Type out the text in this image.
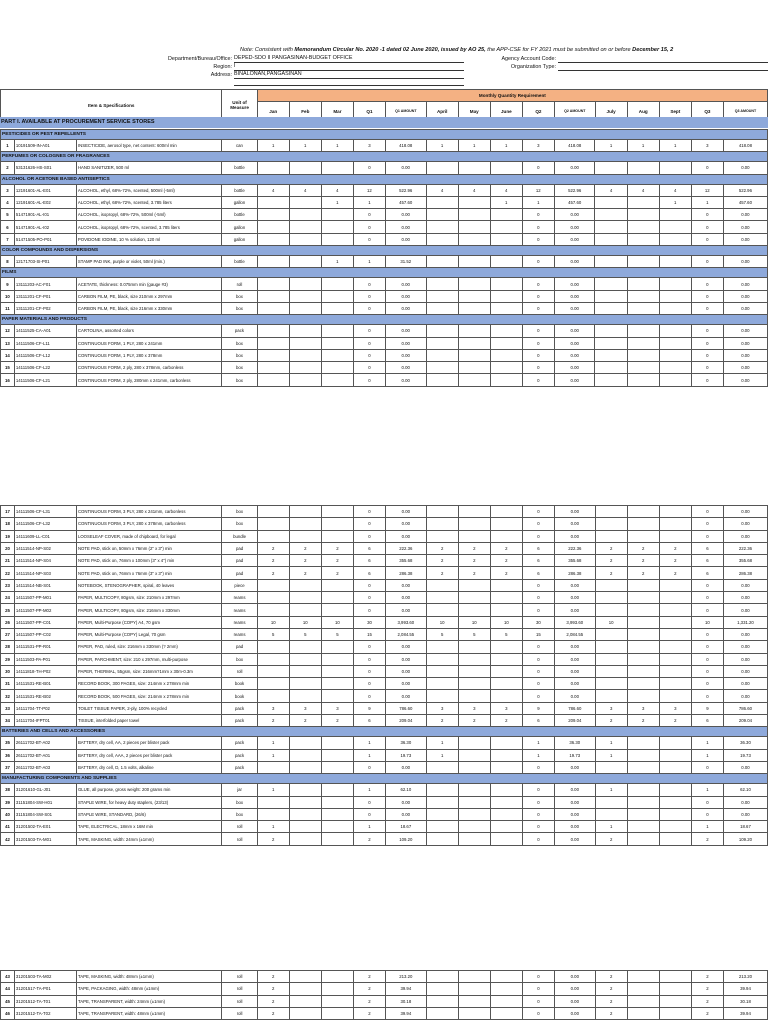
Note: Consistent with Memorandum Circular No. 2020 -1 dated 02 June 2020, issued by AO 25, the APP-CSE for FY 2021 must be submitted on or before December 15, 2
Department/Bureau/Office: DEPED-SDO II PANGASINAN-BUDGET OFFICE
Region: I
Address: BINALONAN,PANGASINAN
Agency Account Code:
Organization Type:
Item & Specifications	Unit of Measure	Monthly Quantity Requirement														
		Jan	Feb	Mar	Q1	Q1 AMOUNT	April	May	June	Q2	Q2 AMOUNT	July	Aug	Sept	Q3	Q3 AMOUNT
PART I. AVAILABLE AT PROCUREMENT SERVICE STORES
PESTICIDES OR PEST REPELLENTS																		
1	10191509-IN-A01	INSECTICIDE, aerosol type, net content: 600ml min	can	1	1	1	3	418.08	1	1	1	3	418.08	1	1	1	3	418.08
PERFUMES OR COLOGNES OR FRAGRANCES																		
2	53131626-HS-S01	HAND SANITIZER, 500 ml	bottle				0	0.00				0	0.00				0	0.00
ALCOHOL OR ACETONE BASED ANTISEPTICS																		
3	12191601-AL-E01	ALCOHOL, ethyl, 68%-72%, scented, 500ml (-5ml)	bottle	4	4	4	12	522.96	4	4	4	12	522.96	4	4	4	12	522.96
4	12191601-AL-E02	ALCOHOL, ethyl, 68%-72%, scented, 3.785 liters	gallon			1	1	457.60			1	1	457.60			1	1	457.60
5	51471901-AL-I01	ALCOHOL, isopropyl, 68%-72%, 500ml (-5ml)	bottle				0	0.00				0	0.00				0	0.00
6	51471901-AL-I02	ALCOHOL, isopropyl, 68%-72%, scented, 3.785 liters	gallon				0	0.00				0	0.00				0	0.00
7	51471505-PO-P01	POVIDONE IODINE, 10 % solution, 120 ml	gallon				0	0.00				0	0.00				0	0.00
COLOR COMPOUNDS AND DISPERSIONS																		
8	12171703-SI-P01	STAMP PAD INK, purple or violet, 50ml (min.)	bottle			1	1	31.52				0	0.00				0	0.00
FILMS																		
9	13111203-AC-F01	ACETATE, thickness: 0.075mm min (gauge #3)	roll				0	0.00				0	0.00				0	0.00
10	13111201-CF-P01	CARBON FILM, PE, black, size 210mm x 297mm	box				0	0.00				0	0.00				0	0.00
11	13111201-CF-P02	CARBON FILM, PE, black, size 216mm x 330mm	box				0	0.00				0	0.00				0	0.00
PAPER MATERIALS AND PRODUCTS																		
12	14111525-CA-A01	CARTOLINA, assorted colors	pack				0	0.00				0	0.00				0	0.00
13	14111506-CF-L11	CONTINUOUS FORM, 1 PLY, 280 x 241mm	box				0	0.00				0	0.00				0	0.00
14	14111506-CF-L12	CONTINUOUS FORM, 1 PLY, 280 x 378mm	box				0	0.00				0	0.00				0	0.00
15	14111506-CF-L22	CONTINUOUS FORM, 2 ply, 280 x 378mm, carbonless	box				0	0.00				0	0.00				0	0.00
16	14111506-CF-L21	CONTINUOUS FORM, 2 ply, 280mm x 241mm, carbonless	box				0	0.00				0	0.00				0	0.00
17	14111506-CF-L31	CONTINUOUS FORM, 3 PLY, 280 x 241mm, carbonless	box				0	0.00				0	0.00				0	0.00
18	14111506-CF-L32	CONTINUOUS FORM, 3 PLY, 280 x 378mm, carbonless	box				0	0.00				0	0.00				0	0.00
19	14111609-LL-C01	LOOSELEAF COVER, made of chipboard, for legal	bundle				0	0.00				0	0.00				0	0.00
20	14111514-NP-S02	NOTE PAD, stick on, 50mm x 76mm (2" x 3") min	pad	2	2	2	6	222.36	2	2	2	6	222.36	2	2	2	6	222.36
21	14111514-NP-S04	NOTE PAD, stick on, 76mm x 100mm (3" x 4") min	pad	2	2	2	6	355.68	2	2	2	6	355.68	2	2	2	6	355.68
22	14111514-NP-S03	NOTE PAD, stick on, 76mm x 76mm (3" x 3") min	pad	2	2	2	6	286.38	2	2	2	6	286.38	2	2	2	6	286.38
23	14111514-NB-S01	NOTEBOOK, STENOGRAPHER, spiral, 40 leaves	piece				0	0.00				0	0.00				0	0.00
24	14111507-PP-M01	PAPER, MULTICOPY, 80gsm, size: 210mm x 297mm	reams				0	0.00				0	0.00				0	0.00
25	14111507-PP-M02	PAPER, MULTICOPY, 80gsm, size: 216mm x 330mm	reams				0	0.00				0	0.00				0	0.00
26	14111507-PP-C01	PAPER, Multi-Purpose (COPY) A4, 70 gsm	reams	10	10	10	30	3,993.60	10	10	10	30	3,993.60	10			10	1,331.20
27	14111507-PP-C02	PAPER, Multi-Purpose (COPY) Legal, 70 gsm	reams	5	5	5	15	2,084.55	5	5	5	15	2,084.55				0	0.00
28	14111531-PP-R01	PAPER, PAD, ruled, size: 216mm x 330mm (? 2mm)	pad				0	0.00				0	0.00				0	0.00
29	14111503-PA-P01	PAPER, PARCHMENT, size: 210 x 297mm, multi-purpose	box				0	0.00				0	0.00				0	0.00
30	14111818-TH-P02	PAPER, THERMAL, 55gsm, size: 216mm?1mm x 30m-0.3m	roll				0	0.00				0	0.00				0	0.00
31	14111531-RE-B01	RECORD BOOK, 300 PAGES, size: 214mm x 278mm min	book				0	0.00				0	0.00				0	0.00
32	14111531-RE-B02	RECORD BOOK, 500 PAGES, size: 214mm x 278mm min	book				0	0.00				0	0.00				0	0.00
33	14111704-TT-P02	TOILET TISSUE PAPER, 2-ply, 100% recycled	pack	3	3	3	9	786.60	3	3	3	9	786.60	3	3	3	9	786.60
34	14111704-IFPT01	TISSUE, interfolded paper towel	pack	2	2	2	6	209.04	2	2	2	6	209.04	2	2	2	6	209.04
BATTERIES AND CELLS AND ACCESSORIES																		
35	26111702-BT-A02	BATTERY, dry cell, AA, 2 pieces per blister pack	pack	1			1	36.30	1			1	36.30	1			1	36.30
36	26111702-BT-A01	BATTERY, dry cell, AAA, 2 pieces per blister pack	pack	1			1	19.73	1			1	19.73	1			1	19.73
37	26111702-BT-A03	BATTERY, dry cell, D, 1.5 volts, alkaline	pack				0	0.00				0	0.00				0	0.00
MANUFACTURING COMPONENTS AND SUPPLIES																		
38	31201610-GL-J01	GLUE, all purpose, gross weight: 200 grams min	jar	1			1	62.10				0	0.00	1			1	62.10
39	31151804-SW-H01	STAPLE WIRE, for heavy duty staplers, (23/13)	box				0	0.00				0	0.00				0	0.00
40	31151804-SW-S01	STAPLE WIRE, STANDARD, (26/6)	box				0	0.00				0	0.00				0	0.00
41	31201502-TA-E01	TAPE, ELECTRICAL, 18mm x 16M min	roll	1			1	18.67				0	0.00	1			1	18.67
42	31201503-TA-M01	TAPE, MASKING, width: 24mm (±1mm)	roll	2			2	109.20				0	0.00	2			2	109.20
43	31201503-TA-M02	TAPE, MASKING, width: 48mm (±1mm)	roll	2			2	213.20				0	0.00	2			2	213.20
44	31201517-TA-P01	TAPE, PACKAGING, width: 48mm (±1mm)	roll	2			2	39.94				0	0.00	2			2	39.94
45	31201512-TA-T01	TAPE, TRANSPARENT, width: 24mm (±1mm)	roll	2			2	30.18				0	0.00	2			2	30.18
46	31201512-TA-T02	TAPE, TRANSPARENT, width: 48mm (±1mm)	roll	2			2	39.94				0	0.00	2			2	39.94
